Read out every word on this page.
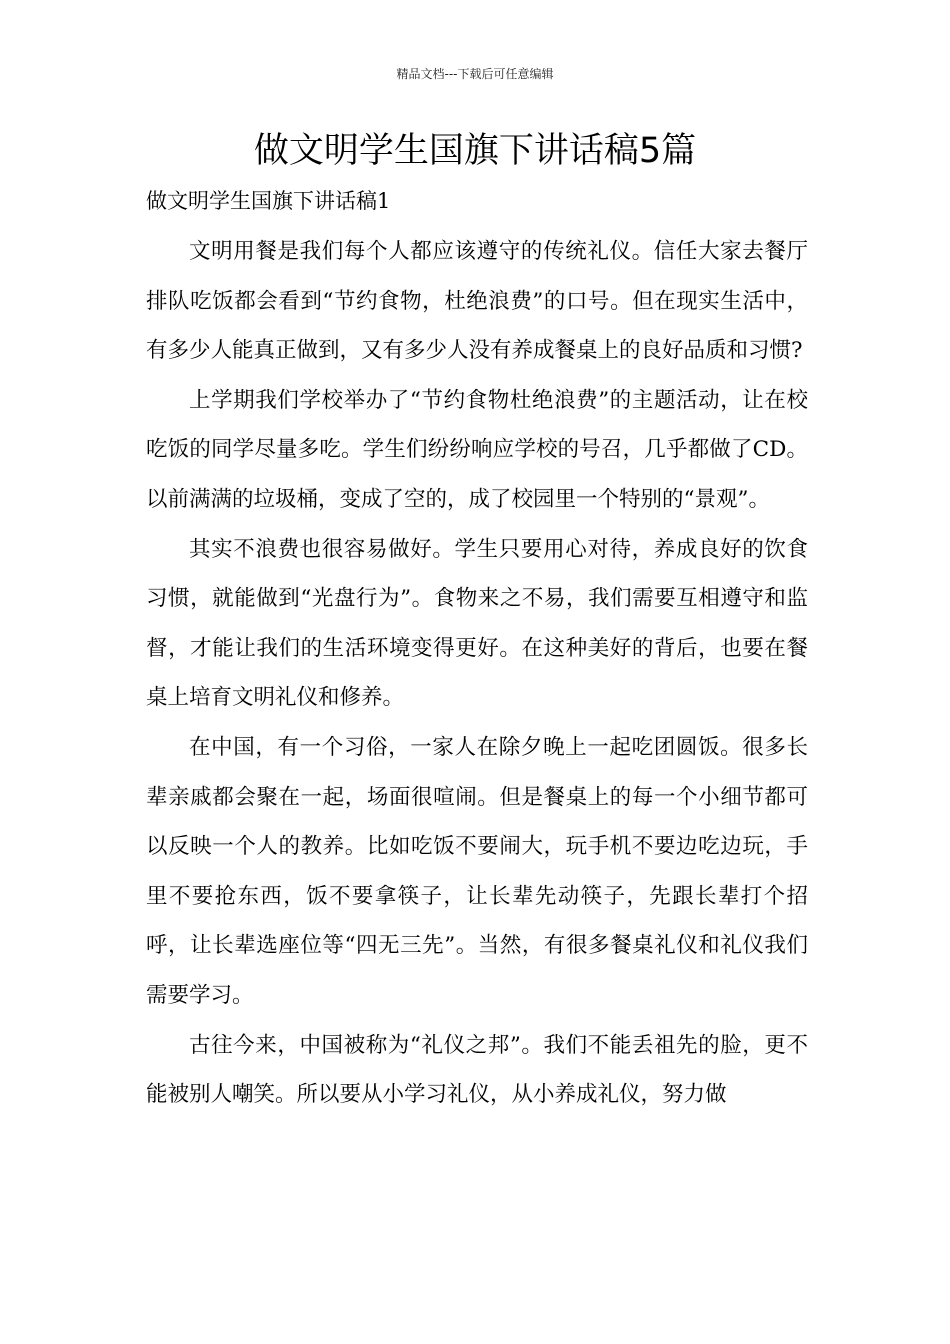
精品文档---下载后可任意编辑
做文明学生国旗下讲话稿5篇
做文明学生国旗下讲话稿1

文明用餐是我们每个人都应该遵守的传统礼仪。信任大家去餐厅排队吃饭都会看到“节约食物，杜绝浪费”的口号。但在现实生活中，有多少人能真正做到，又有多少人没有养成餐桌上的良好品质和习惯?

上学期我们学校举办了“节约食物杜绝浪费”的主题活动，让在校吃饭的同学尽量多吃。学生们纷纷响应学校的号召，几乎都做了CD。以前满满的垃圾桶，变成了空的，成了校园里一个特别的“景观”。

其实不浪费也很容易做好。学生只要用心对待，养成良好的饮食习惯，就能做到“光盘行为”。食物来之不易，我们需要互相遵守和监督，才能让我们的生活环境变得更好。在这种美好的背后，也要在餐桌上培育文明礼仪和修养。

在中国，有一个习俗，一家人在除夕晚上一起吃团圆饭。很多长辈亲戚都会聚在一起，场面很喧闹。但是餐桌上的每一个小细节都可以反映一个人的教养。比如吃饭不要闹大，玩手机不要边吃边玩，手里不要抢东西，饭不要拿筷子，让长辈先动筷子，先跟长辈打个招呼，让长辈选座位等“四无三先”。当然，有很多餐桌礼仪和礼仪我们需要学习。

古往今来，中国被称为“礼仪之邦”。我们不能丢祖先的脸，更不能被别人嘲笑。所以要从小学习礼仪，从小养成礼仪，努力做
